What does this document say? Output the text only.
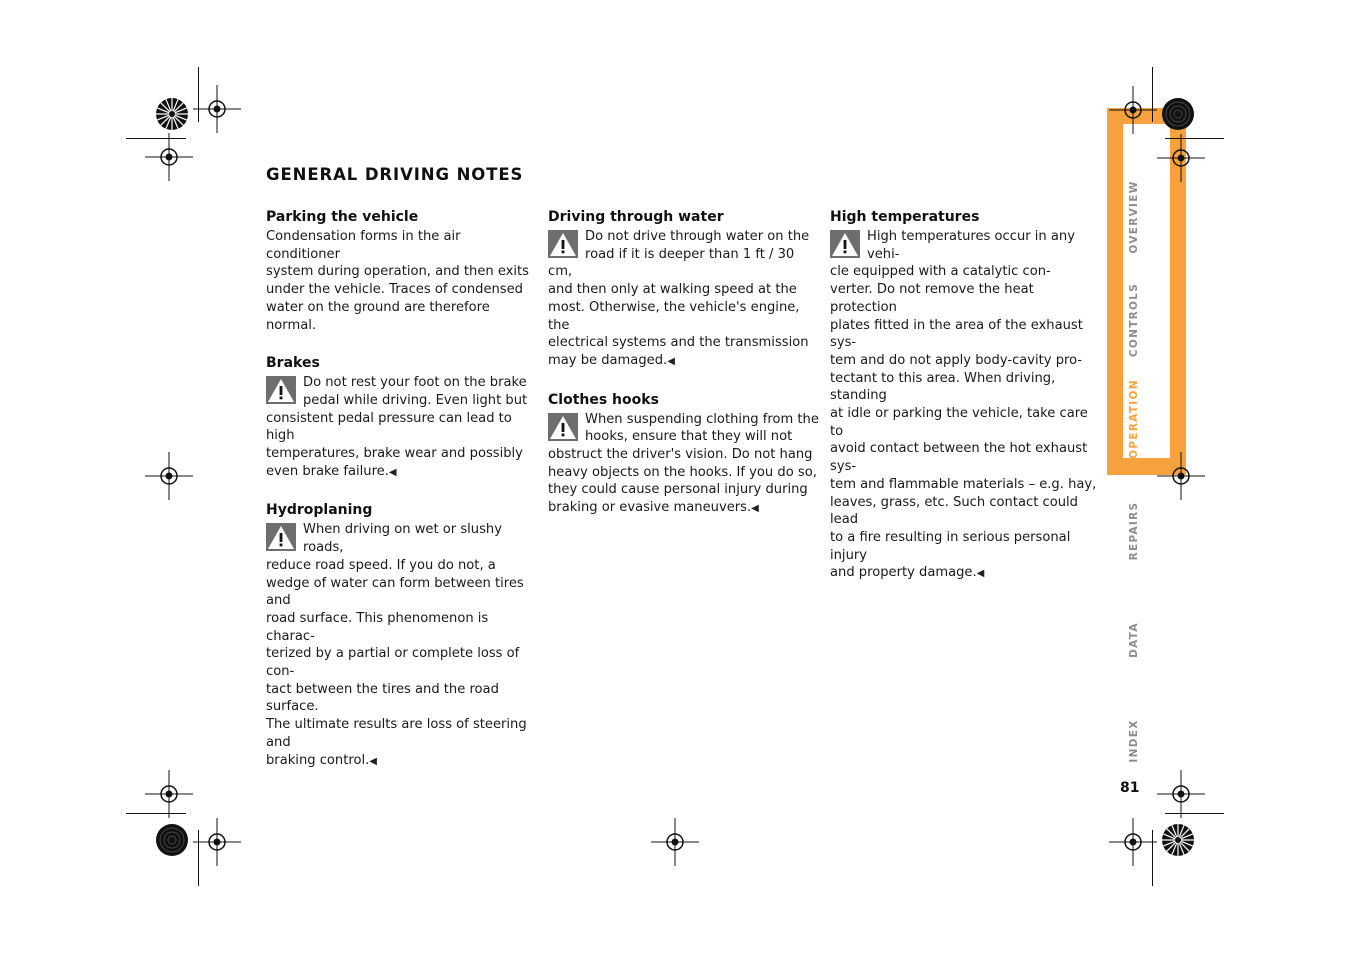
GENERAL DRIVING NOTES
Parking the vehicle
Condensation forms in the air conditioner
system during operation, and then exits
under the vehicle. Traces of condensed
water on the ground are therefore normal.
Brakes
Do not rest your foot on the brake
pedal while driving. Even light but
consistent pedal pressure can lead to high
temperatures, brake wear and possibly
even brake failure.◀
Hydroplaning
When driving on wet or slushy roads,
reduce road speed. If you do not, a
wedge of water can form between tires and
road surface. This phenomenon is charac-
terized by a partial or complete loss of con-
tact between the tires and the road surface.
The ultimate results are loss of steering and
braking control.◀
Driving through water
Do not drive through water on the
road if it is deeper than 1 ft / 30 cm,
and then only at walking speed at the
most. Otherwise, the vehicle's engine, the
electrical systems and the transmission
may be damaged.◀
Clothes hooks
When suspending clothing from the
hooks, ensure that they will not
obstruct the driver's vision. Do not hang
heavy objects on the hooks. If you do so,
they could cause personal injury during
braking or evasive maneuvers.◀
High temperatures
High temperatures occur in any vehi-
cle equipped with a catalytic con-
verter. Do not remove the heat protection
plates fitted in the area of the exhaust sys-
tem and do not apply body-cavity pro-
tectant to this area. When driving, standing
at idle or parking the vehicle, take care to
avoid contact between the hot exhaust sys-
tem and flammable materials – e.g. hay,
leaves, grass, etc. Such contact could lead
to a fire resulting in serious personal injury
and property damage.◀
OVERVIEW
CONTROLS
OPERATION
REPAIRS
DATA
INDEX
81
